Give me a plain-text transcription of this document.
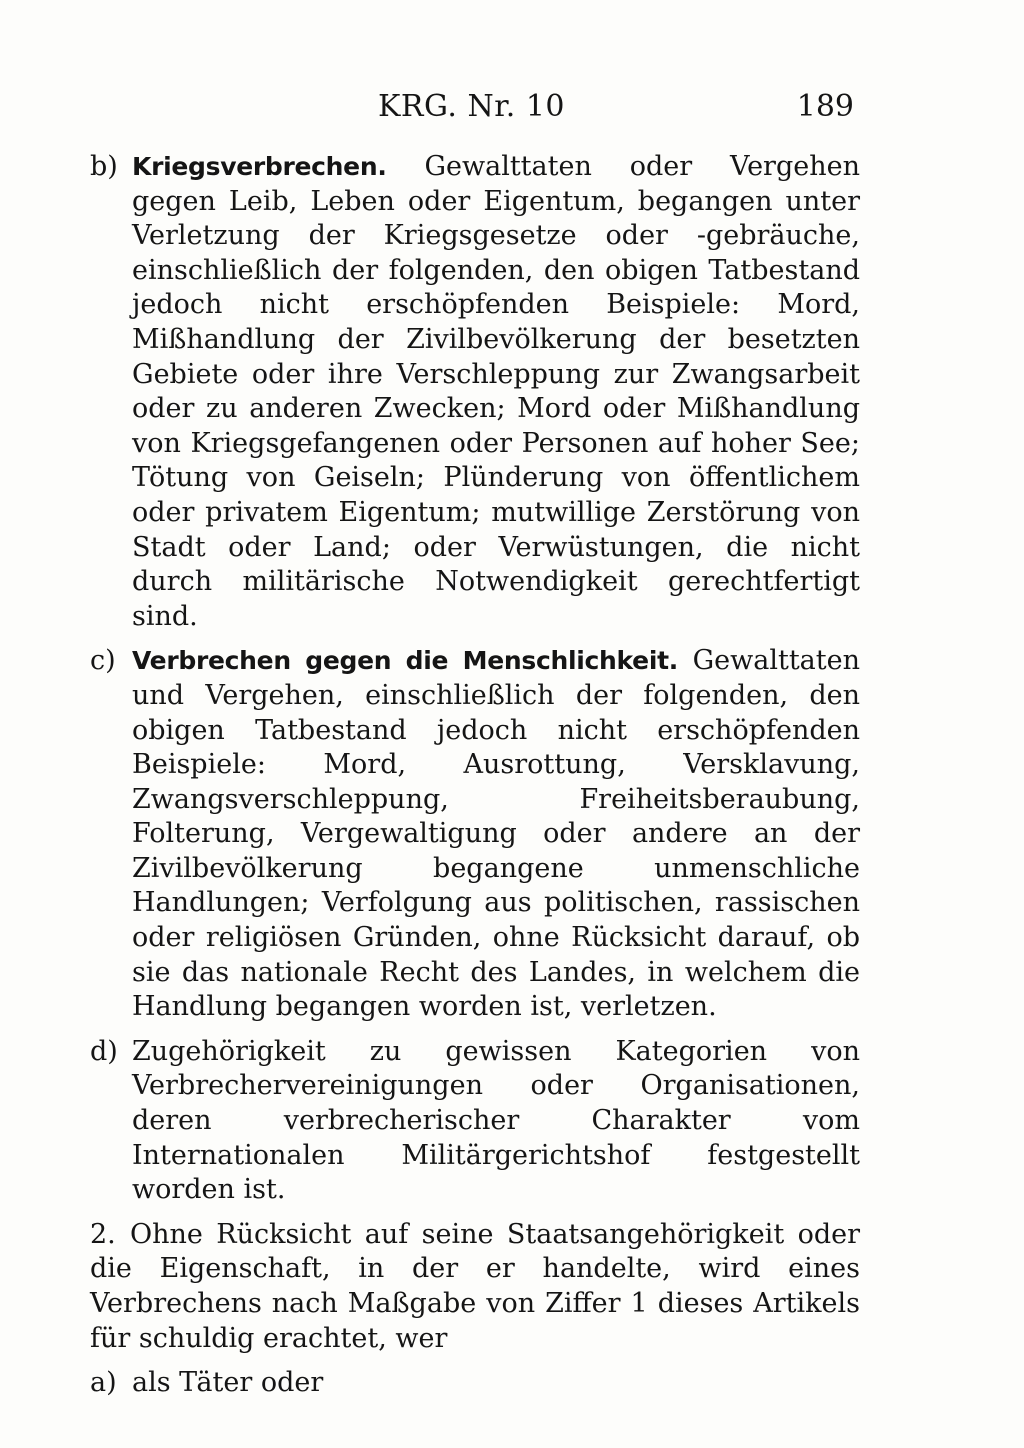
KRG. Nr. 10	189
b) Kriegsverbrechen. Gewalttaten oder Vergehen gegen Leib, Leben oder Eigentum, begangen unter Verletzung der Kriegsgesetze oder -gebräuche, einschließlich der folgenden, den obigen Tatbestand jedoch nicht erschöpfenden Beispiele: Mord, Mißhandlung der Zivilbevölkerung der besetzten Gebiete oder ihre Verschleppung zur Zwangsarbeit oder zu anderen Zwecken; Mord oder Mißhandlung von Kriegsgefangenen oder Personen auf hoher See; Tötung von Geiseln; Plünderung von öffentlichem oder privatem Eigentum; mutwillige Zerstörung von Stadt oder Land; oder Verwüstungen, die nicht durch militärische Notwendigkeit gerechtfertigt sind.
c) Verbrechen gegen die Menschlichkeit. Gewalttaten und Vergehen, einschließlich der folgenden, den obigen Tatbestand jedoch nicht erschöpfenden Beispiele: Mord, Ausrottung, Versklavung, Zwangsverschleppung, Freiheitsberaubung, Folterung, Vergewaltigung oder andere an der Zivilbevölkerung begangene unmenschliche Handlungen; Verfolgung aus politischen, rassischen oder religiösen Gründen, ohne Rücksicht darauf, ob sie das nationale Recht des Landes, in welchem die Handlung begangen worden ist, verletzen.
d) Zugehörigkeit zu gewissen Kategorien von Verbrechervereinigungen oder Organisationen, deren verbrecherischer Charakter vom Internationalen Militärgerichtshof festgestellt worden ist.

2. Ohne Rücksicht auf seine Staatsangehörigkeit oder die Eigenschaft, in der er handelte, wird eines Verbrechens nach Maßgabe von Ziffer 1 dieses Artikels für schuldig erachtet, wer

a) als Täter oder
